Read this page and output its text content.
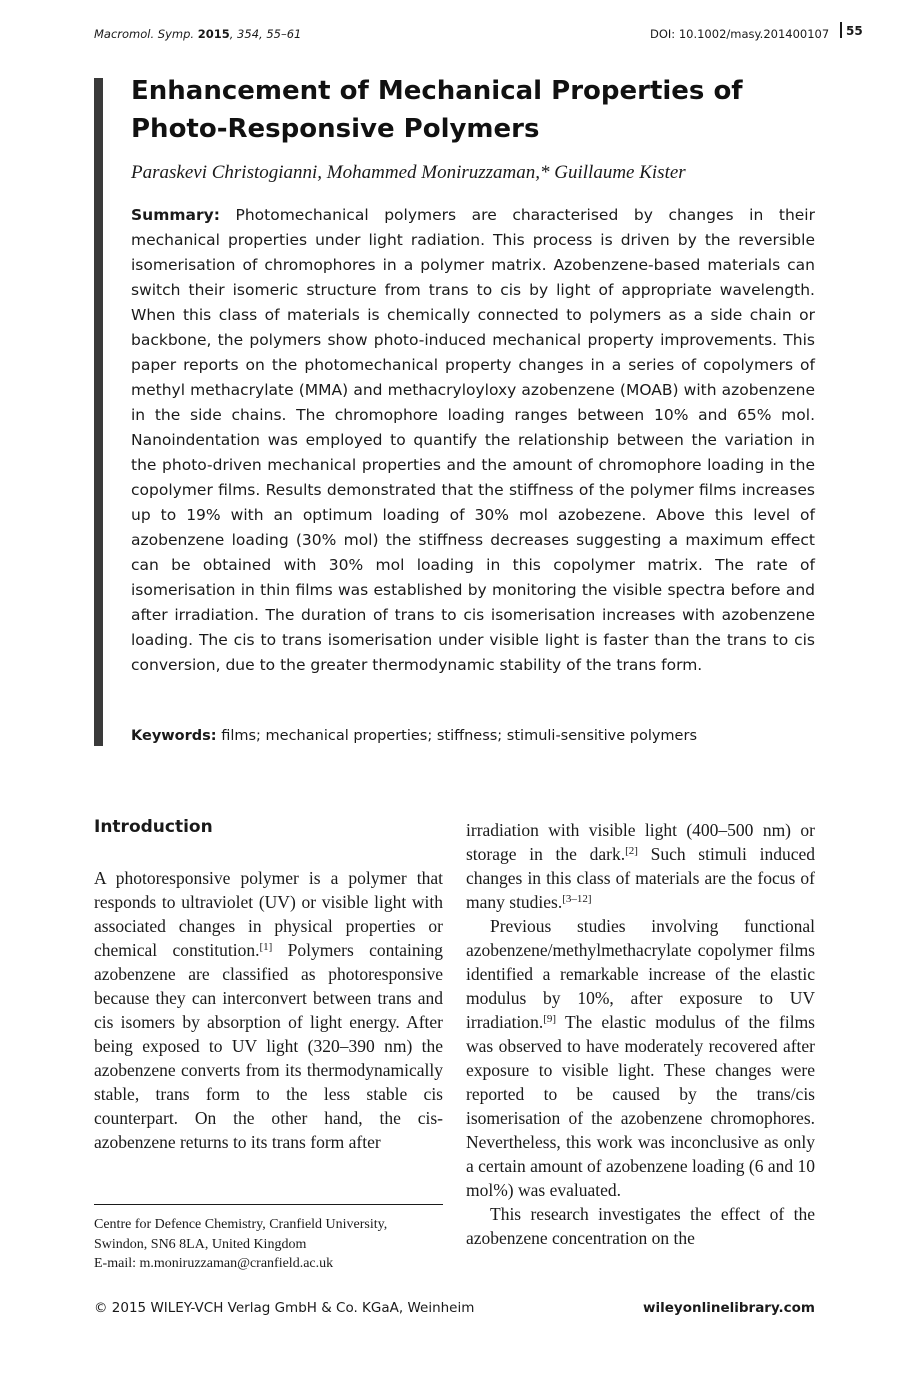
Macromol. Symp. 2015, 354, 55–61	DOI: 10.1002/masy.201400107	55
Enhancement of Mechanical Properties of Photo-Responsive Polymers
Paraskevi Christogianni, Mohammed Moniruzzaman,* Guillaume Kister
Summary: Photomechanical polymers are characterised by changes in their mechanical properties under light radiation. This process is driven by the reversible isomerisation of chromophores in a polymer matrix. Azobenzene-based materials can switch their isomeric structure from trans to cis by light of appropriate wavelength. When this class of materials is chemically connected to polymers as a side chain or backbone, the polymers show photo-induced mechanical property improvements. This paper reports on the photomechanical property changes in a series of copolymers of methyl methacrylate (MMA) and methacryloyloxy azobenzene (MOAB) with azobenzene in the side chains. The chromophore loading ranges between 10% and 65% mol. Nanoindentation was employed to quantify the relationship between the variation in the photo-driven mechanical properties and the amount of chromophore loading in the copolymer films. Results demonstrated that the stiffness of the polymer films increases up to 19% with an optimum loading of 30% mol azobezene. Above this level of azobenzene loading (30% mol) the stiffness decreases suggesting a maximum effect can be obtained with 30% mol loading in this copolymer matrix. The rate of isomerisation in thin films was established by monitoring the visible spectra before and after irradiation. The duration of trans to cis isomerisation increases with azobenzene loading. The cis to trans isomerisation under visible light is faster than the trans to cis conversion, due to the greater thermodynamic stability of the trans form.
Keywords: films; mechanical properties; stiffness; stimuli-sensitive polymers
Introduction

A photoresponsive polymer is a polymer that responds to ultraviolet (UV) or visible light with associated changes in physical properties or chemical constitution.[1] Polymers containing azobenzene are classified as photoresponsive because they can interconvert between trans and cis isomers by absorption of light energy. After being exposed to UV light (320–390 nm) the azobenzene converts from its thermodynamically stable, trans form to the less stable cis counterpart. On the other hand, the cis-azobenzene returns to its trans form after

irradiation with visible light (400–500 nm) or storage in the dark.[2] Such stimuli induced changes in this class of materials are the focus of many studies.[3–12]

Previous studies involving functional azobenzene/methylmethacrylate copolymer films identified a remarkable increase of the elastic modulus by 10%, after exposure to UV irradiation.[9] The elastic modulus of the films was observed to have moderately recovered after exposure to visible light. These changes were reported to be caused by the trans/cis isomerisation of the azobenzene chromophores. Nevertheless, this work was inconclusive as only a certain amount of azobenzene loading (6 and 10 mol%) was evaluated.

This research investigates the effect of the azobenzene concentration on the

Centre for Defence Chemistry, Cranfield University,
Swindon, SN6 8LA, United Kingdom
E-mail: m.moniruzzaman@cranfield.ac.uk
© 2015 WILEY-VCH Verlag GmbH & Co. KGaA, Weinheim	wileyonlinelibrary.com
